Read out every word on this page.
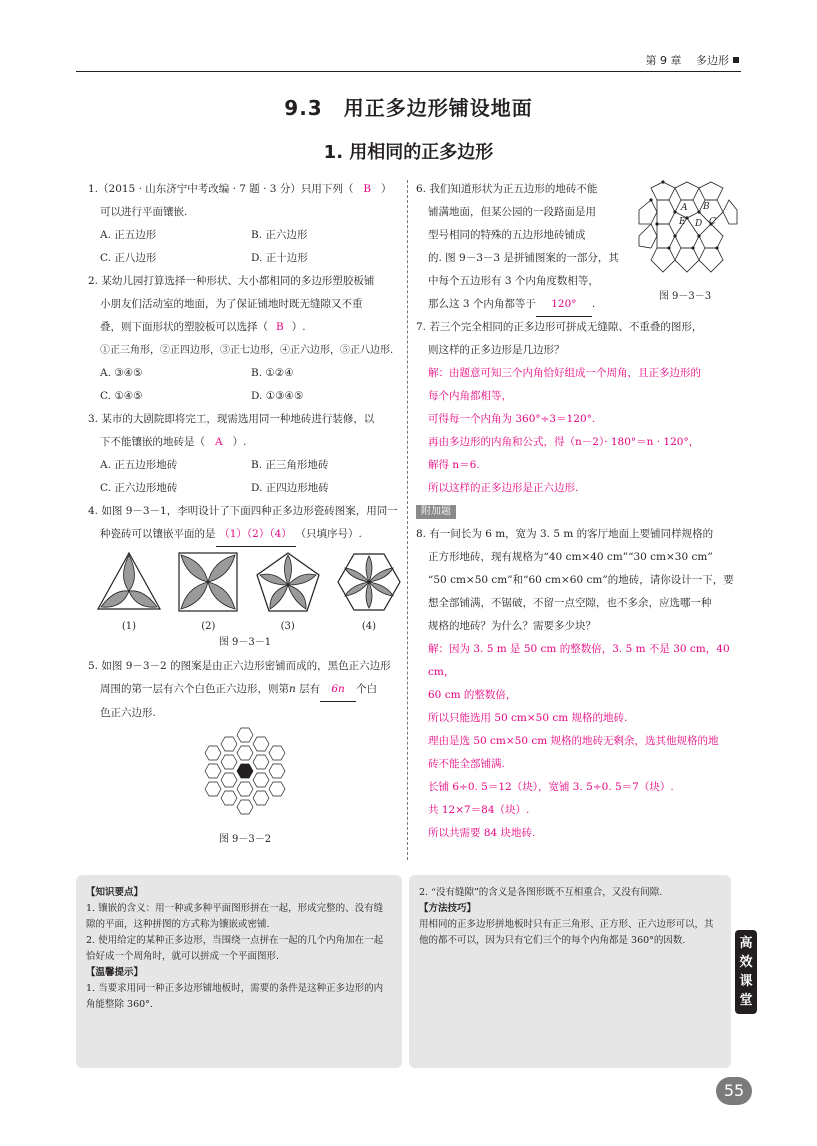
第 9 章　 多边形
9.3　用正多边形铺设地面
1. 用相同的正多边形
1.（2015 · 山东济宁中考改编 · 7 题 · 3 分）只用下列（ B ）
可以进行平面镶嵌.
A. 正五边形	B. 正六边形
C. 正八边形	D. 正十边形
2. 某幼儿园打算选择一种形状、大小都相同的多边形塑胶板铺
小朋友们活动室的地面，为了保证铺地时既无缝隙又不重
叠，则下面形状的塑胶板可以选择（ B ）.
①正三角形，②正四边形，③正七边形，④正六边形，⑤正八边形.
A. ③④⑤	B. ①②④
C. ①④⑤	D. ①③④⑤
3. 某市的大剧院即将完工，现需选用同一种地砖进行装修，以
下不能镶嵌的地砖是（ A ）.
A. 正五边形地砖	B. 正三角形地砖
C. 正六边形地砖	D. 正四边形地砖
4. 如图 9－3－1，李明设计了下面四种正多边形瓷砖图案，用同一
种瓷砖可以镶嵌平面的是 （1）（2）（4） （只填序号）.
(1)	(2)	(3)	(4)
图 9－3－1
5. 如图 9－3－2 的图案是由正六边形密铺而成的，黑色正六边形
周围的第一层有六个白色正六边形，则第n 层有 6n 个白
色正六边形.
图 9－3－2
6. 我们知道形状为正五边形的地砖不能
铺满地面，但某公园的一段路面是用
型号相同的特殊的五边形地砖铺成
的. 图 9－3－3 是拼铺图案的一部分，其
中每个五边形有 3 个内角度数相等，
那么这 3 个内角都等于 120° .
A B
C
D
E
图 9－3－3
7. 若三个完全相同的正多边形可拼成无缝隙、不重叠的图形，
则这样的正多边形是几边形？
解：由题意可知三个内角恰好组成一个周角，且正多边形的
每个内角都相等，
可得每一个内角为 360°÷3＝120°.
再由多边形的内角和公式，得（n－2）· 180°＝n · 120°，
解得 n＝6.
所以这样的正多边形是正六边形.
附加题
8. 有一间长为 6 m，宽为 3. 5 m 的客厅地面上要铺同样规格的
正方形地砖，现有规格为“40 cm×40 cm”“30 cm×30 cm”
“50 cm×50 cm”和“60 cm×60 cm”的地砖，请你设计一下，要
想全部铺满，不锯破，不留一点空隙，也不多余，应选哪一种
规格的地砖？为什么？需要多少块？
解：因为 3. 5 m 是 50 cm 的整数倍，3. 5 m 不是 30 cm，40 cm，
60 cm 的整数倍，
所以只能选用 50 cm×50 cm 规格的地砖.
理由是选 50 cm×50 cm 规格的地砖无剩余，选其他规格的地
砖不能全部铺满.
长铺 6÷0. 5＝12（块），宽铺 3. 5÷0. 5＝7（块）.
共 12×7＝84（块）.
所以共需要 84 块地砖.
【知识要点】
1. 镶嵌的含义：用一种或多种平面图形拼在一起，形成完整的、没有缝隙的平面，这种拼图的方式称为镶嵌或密铺.
2. 使用给定的某种正多边形，当围绕一点拼在一起的几个内角加在一起恰好成一个周角时，就可以拼成一个平面图形.
【温馨提示】
1. 当要求用同一种正多边形铺地板时，需要的条件是这种正多边形的内角能整除 360°.
2. “没有缝隙”的含义是各图形既不互相重合，又没有间隙.
【方法技巧】
用相同的正多边形拼地板时只有正三角形、正方形、正六边形可以，其他的都不可以，因为只有它们三个的每个内角都是 360°的因数.	高
效
课
堂
55
